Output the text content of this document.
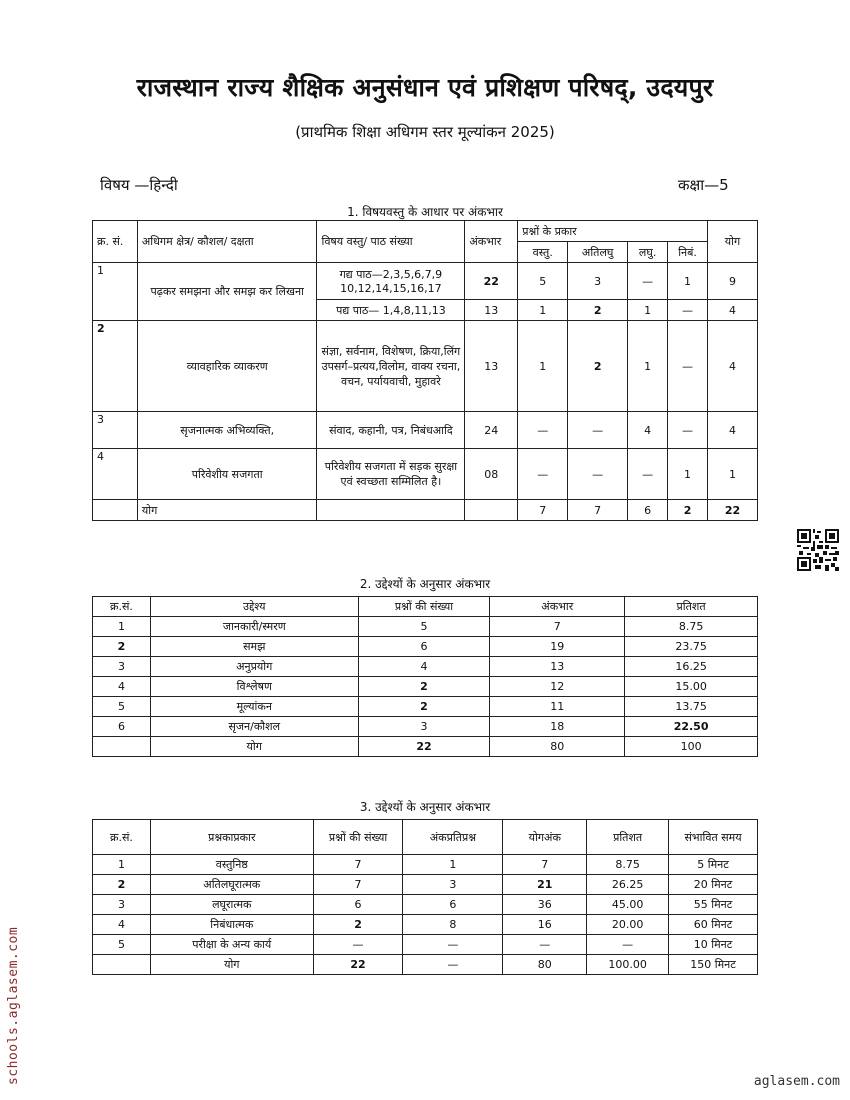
राजस्थान राज्य शैक्षिक अनुसंधान एवं प्रशिक्षण परिषद्, उदयपुर
(प्राथमिक शिक्षा अधिगम स्तर मूल्यांकन 2025)
विषय —हिन्दी	कक्षा—5
1. विषयवस्तु के आधार पर अंकभार
क्र. सं.	अधिगम क्षेत्र/ कौशल/ दक्षता	विषय वस्तु/ पाठ संख्या	अंकभार	प्रश्नों के प्रकार				योग
				वस्तु.	अतिलघु	लघु.	निबं.	
1	पढ़कर समझना और समझ कर लिखना	गद्य पाठ—2,3,5,6,7,9 10,12,14,15,16,17	22	5	3	—	1	9
		पद्य पाठ— 1,4,8,11,13	13	1	2	1	—	4
2	व्यावहारिक व्याकरण	संज्ञा, सर्वनाम, विशेषण, क्रिया,लिंग उपसर्ग–प्रत्यय,विलोम, वाक्य रचना, वचन, पर्यायवाची, मुहावरे	13	1	2	1	—	4
3	सृजनात्मक अभिव्यक्ति,	संवाद, कहानी, पत्र, निबंधआदि	24	—	—	4	—	4
4	परिवेशीय सजगता	परिवेशीय सजगता में सड़क सुरक्षा एवं स्वच्छता सम्मिलित है।	08	—	—	—	1	1
	योग			7	7	6	2	22
2. उद्देश्यों के अनुसार अंकभार
क्र.सं.	उद्देश्य	प्रश्नों की संख्या	अंकभार	प्रतिशत
1	जानकारी/स्मरण	5	7	8.75
2	समझ	6	19	23.75
3	अनुप्रयोग	4	13	16.25
4	विश्लेषण	2	12	15.00
5	मूल्यांकन	2	11	13.75
6	सृजन/कौशल	3	18	22.50
	योग	22	80	100
3. उद्देश्यों के अनुसार अंकभार
क्र.सं.	प्रश्नकाप्रकार	प्रश्नों की संख्या	अंकप्रतिप्रश्न	योगअंक	प्रतिशत	संभावित समय
1	वस्तुनिष्ठ	7	1	7	8.75	5 मिनट
2	अतिलघूरात्मक	7	3	21	26.25	20 मिनट
3	लघूरात्मक	6	6	36	45.00	55 मिनट
4	निबंधात्मक	2	8	16	20.00	60 मिनट
5	परीक्षा के अन्य कार्य	—	—	—	—	10 मिनट
	योग	22	—	80	100.00	150 मिनट
schools.aglasem.com	aglasem.com
